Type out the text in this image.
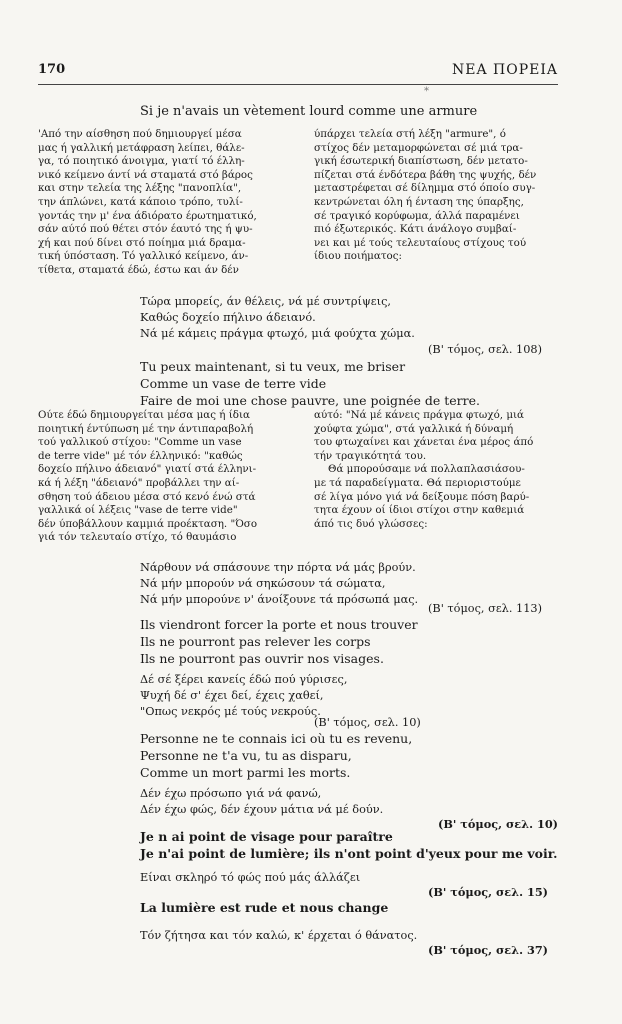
170	ΝΕΑ ΠΟΡΕΙΑ
*
Si je n'avais un vètement lourd comme une armure
'Από την αίσθηση πού δημιουργεί μέσα
μας ή γαλλική μετάφραση λείπει, θάλε-
γα, τό ποιητικό άνοιγμα, γιατί τό έλλη-
νικό κείμενο άντί νά σταματά στό βάρος
και στην τελεία της λέξης "πανοπλία",
την άπλώνει, κατά κάποιο τρόπο, τυλί-
γοντάς την μ' ένα άδιόρατο έρωτηματικό,
σάν αύτό πού θέτει στόν έαυτό της ή ψυ-
χή και πού δίνει στό ποίημα μιά δραμα-
τική ύπόσταση. Τό γαλλικό κείμενο, άν-
τίθετα, σταματά έδώ, έστω και άν δέν
ύπάρχει τελεία στή λέξη "armure", ό
στίχος δέν μεταμορφώνεται σέ μιά τρα-
γική έσωτερική διαπίστωση, δέν μετατο-
πίζεται στά ένδότερα βάθη της ψυχής, δέν
μεταστρέφεται σέ δίλημμα στό όποίο συγ-
κεντρώνεται όλη ή ένταση της ύπαρξης,
σέ τραγικό κορύφωμα, άλλά παραμένει
πιό έξωτερικός. Κάτι άνάλογο συμβαί-
νει και μέ τούς τελευταίους στίχους τού
ίδιου ποιήματος:
Τώρα μπορείς, άν θέλεις, νά μέ συντρίψεις,
Καθώς δοχείο πήλινο άδειανό.
Νά μέ κάμεις πράγμα φτωχό, μιά φούχτα χώμα.
(Β' τόμος, σελ. 108)
Tu peux maintenant, si tu veux, me briser
Comme un vase de terre vide
Faire de moi une chose pauvre, une poignée de terre.
Ούτε έδώ δημιουργείται μέσα μας ή ίδια
ποιητική έντύπωση μέ την άντιπαραβολή
τού γαλλικού στίχου: "Comme un vase
de terre vide" μέ τόν έλληνικό: "καθώς
δοχείο πήλινο άδειανό" γιατί στά έλληνι-
κά ή λέξη "άδειανό" προβάλλει την αί-
σθηση τού άδειου μέσα στό κενό ένώ στά
γαλλικά οί λέξεις "vase de terre vide"
δέν ύποβάλλουν καμμιά προέκταση. "Όσο
γιά τόν τελευταίο στίχο, τό θαυμάσιο
αύτό: "Νά μέ κάνεις πράγμα φτωχό, μιά
χούφτα χώμα", στά γαλλικά ή δύναμή
του φτωχαίνει και χάνεται ένα μέρος άπό
τήν τραγικότητά του.
Θά μπορούσαμε νά πολλαπλασιάσου-
με τά παραδείγματα. Θά περιοριστούμε
σέ λίγα μόνο γιά νά δείξουμε πόση βαρύ-
τητα έχουν οί ίδιοι στίχοι στην καθεμιά
άπό τις δυό γλώσσες:
Νάρθουν νά σπάσουνε την πόρτα νά μάς βρούν.
Νά μήν μπορούν νά σηκώσουν τά σώματα,
Νά μήν μπορούνε ν' άνοίξουνε τά πρόσωπά μας.
(Β' τόμος, σελ. 113)
Ils viendront forcer la porte et nous trouver
Ils ne pourront pas relever les corps
Ils ne pourront pas ouvrir nos visages.
Δέ σέ ξέρει κανείς έδώ πού γύρισες,
Ψυχή δέ σ' έχει δεί, έχεις χαθεί,
"Οπως νεκρός μέ τούς νεκρούς.
(Β' τόμος, σελ. 10)
Personne ne te connais ici où tu es revenu,
Personne ne t'a vu, tu as disparu,
Comme un mort parmi les morts.
Δέν έχω πρόσωπο γιά νά φανώ,
Δέν έχω φώς, δέν έχουν μάτια νά μέ δούν.
(Β' τόμος, σελ. 10)
Je n ai point de visage pour paraître
Je n'ai point de lumière; ils n'ont point d'yeux pour me voir.
Είναι σκληρό τό φώς πού μάς άλλάζει
(Β' τόμος, σελ. 15)
La lumière est rude et nous change
Τόν ζήτησα και τόν καλώ, κ' έρχεται ό θάνατος.
(Β' τόμος, σελ. 37)
